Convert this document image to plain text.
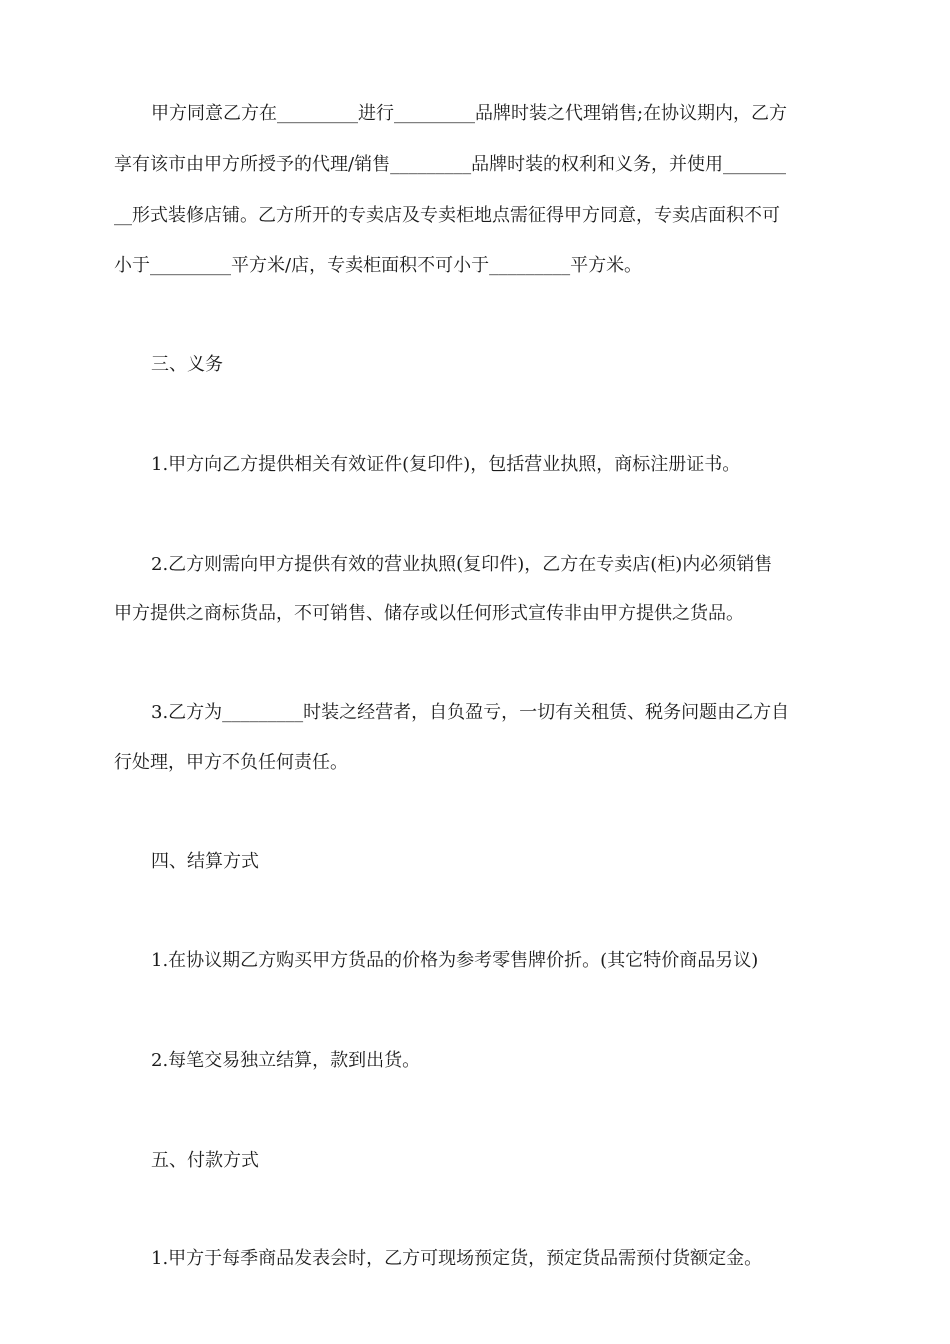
甲方同意乙方在_________进行_________品牌时装之代理销售;在协议期内，乙方
享有该市由甲方所授予的代理/销售_________品牌时装的权利和义务，并使用_______
__形式装修店铺。乙方所开的专卖店及专卖柜地点需征得甲方同意，专卖店面积不可
小于_________平方米/店，专卖柜面积不可小于_________平方米。
三、义务
1.甲方向乙方提供相关有效证件(复印件)，包括营业执照，商标注册证书。
2.乙方则需向甲方提供有效的营业执照(复印件)，乙方在专卖店(柜)内必须销售
甲方提供之商标货品，不可销售、储存或以任何形式宣传非由甲方提供之货品。
3.乙方为_________时装之经营者，自负盈亏，一切有关租赁、税务问题由乙方自
行处理，甲方不负任何责任。
四、结算方式
1.在协议期乙方购买甲方货品的价格为参考零售牌价折。(其它特价商品另议)
2.每笔交易独立结算，款到出货。
五、付款方式
1.甲方于每季商品发表会时，乙方可现场预定货，预定货品需预付货额定金。
